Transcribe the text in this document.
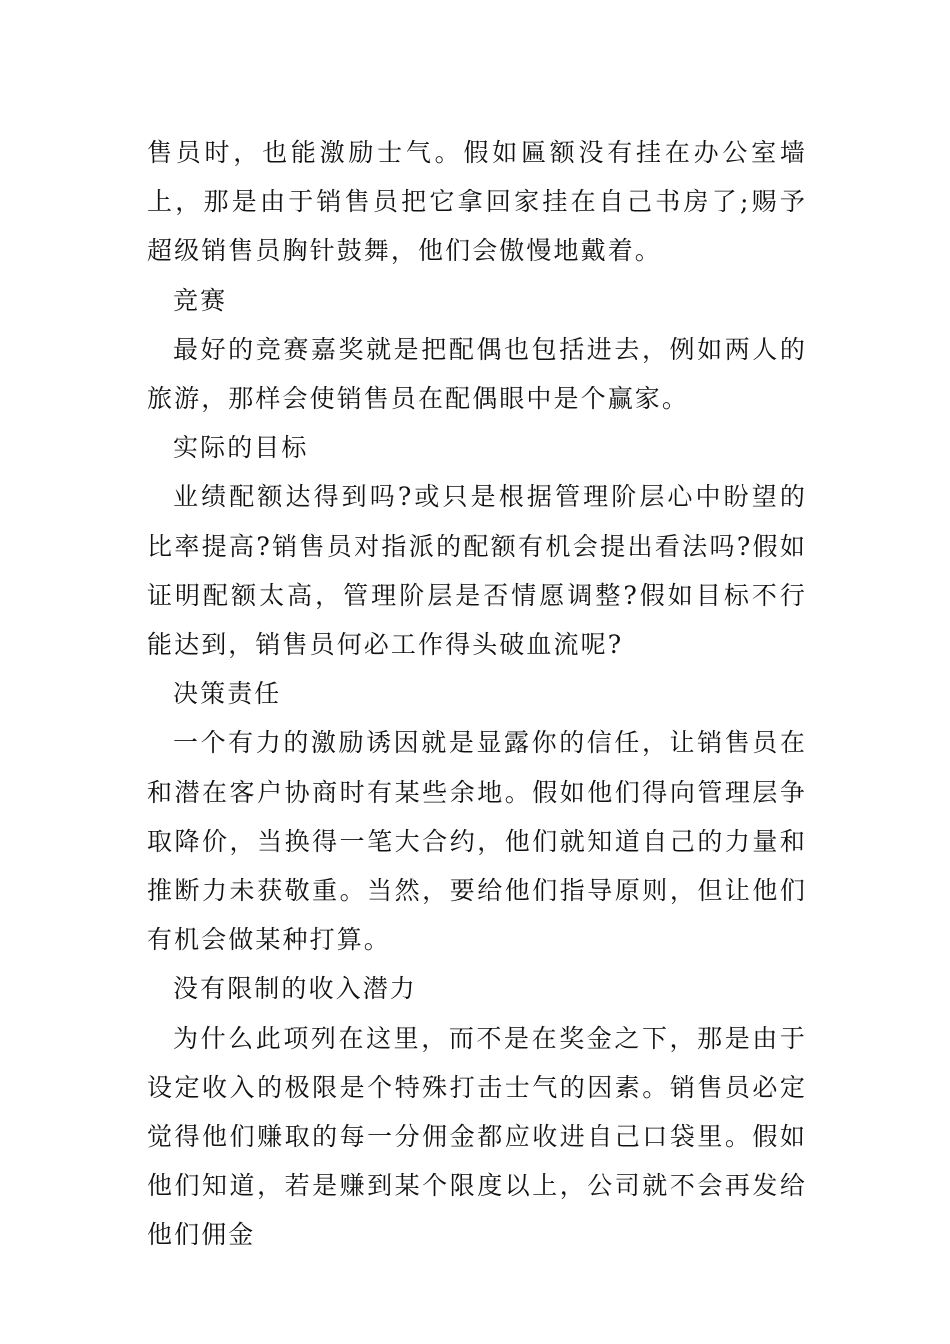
售员时，也能激励士气。假如匾额没有挂在办公室墙上，那是由于销售员把它拿回家挂在自己书房了;赐予超级销售员胸针鼓舞，他们会傲慢地戴着。

竞赛

最好的竞赛嘉奖就是把配偶也包括进去，例如两人的旅游，那样会使销售员在配偶眼中是个赢家。

实际的目标

业绩配额达得到吗?或只是根据管理阶层心中盼望的比率提高?销售员对指派的配额有机会提出看法吗?假如证明配额太高，管理阶层是否情愿调整?假如目标不行能达到，销售员何必工作得头破血流呢?

决策责任

一个有力的激励诱因就是显露你的信任，让销售员在和潜在客户协商时有某些余地。假如他们得向管理层争取降价，当换得一笔大合约，他们就知道自己的力量和推断力未获敬重。当然，要给他们指导原则，但让他们有机会做某种打算。

没有限制的收入潜力

为什么此项列在这里，而不是在奖金之下，那是由于设定收入的极限是个特殊打击士气的因素。销售员必定觉得他们赚取的每一分佣金都应收进自己口袋里。假如他们知道，若是赚到某个限度以上，公司就不会再发给他们佣金
